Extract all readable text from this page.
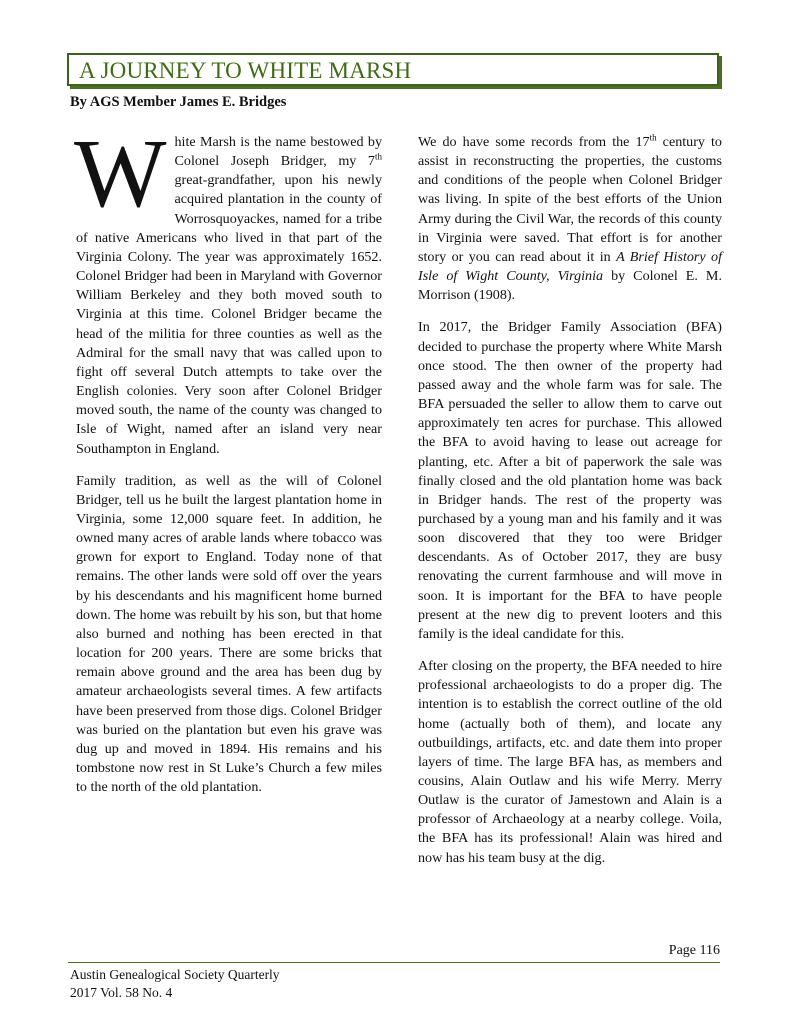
A JOURNEY TO WHITE MARSH
By AGS Member James E. Bridges

White Marsh is the name bestowed by Colonel Joseph Bridger, my 7th great-grandfather, upon his newly acquired plantation in the county of Worrosquoyackes, named for a tribe of native Americans who lived in that part of the Virginia Colony. The year was approximately 1652. Colonel Bridger had been in Maryland with Governor William Berkeley and they both moved south to Virginia at this time. Colonel Bridger became the head of the militia for three counties as well as the Admiral for the small navy that was called upon to fight off several Dutch attempts to take over the English colonies. Very soon after Colonel Bridger moved south, the name of the county was changed to Isle of Wight, named after an island very near Southampton in England.

Family tradition, as well as the will of Colonel Bridger, tell us he built the largest plantation home in Virginia, some 12,000 square feet. In addition, he owned many acres of arable lands where tobacco was grown for export to England. Today none of that remains. The other lands were sold off over the years by his descendants and his magnificent home burned down. The home was rebuilt by his son, but that home also burned and nothing has been erected in that location for 200 years. There are some bricks that remain above ground and the area has been dug by amateur archaeologists several times. A few artifacts have been preserved from those digs. Colonel Bridger was buried on the plantation but even his grave was dug up and moved in 1894. His remains and his tombstone now rest in St Luke’s Church a few miles to the north of the old plantation.

We do have some records from the 17th century to assist in reconstructing the properties, the customs and conditions of the people when Colonel Bridger was living. In spite of the best efforts of the Union Army during the Civil War, the records of this county in Virginia were saved. That effort is for another story or you can read about it in A Brief History of Isle of Wight County, Virginia by Colonel E. M. Morrison (1908).

In 2017, the Bridger Family Association (BFA) decided to purchase the property where White Marsh once stood. The then owner of the property had passed away and the whole farm was for sale. The BFA persuaded the seller to allow them to carve out approximately ten acres for purchase. This allowed the BFA to avoid having to lease out acreage for planting, etc. After a bit of paperwork the sale was finally closed and the old plantation home was back in Bridger hands. The rest of the property was purchased by a young man and his family and it was soon discovered that they too were Bridger descendants. As of October 2017, they are busy renovating the current farmhouse and will move in soon. It is important for the BFA to have people present at the new dig to prevent looters and this family is the ideal candidate for this.

After closing on the property, the BFA needed to hire professional archaeologists to do a proper dig. The intention is to establish the correct outline of the old home (actually both of them), and locate any outbuildings, artifacts, etc. and date them into proper layers of time. The large BFA has, as members and cousins, Alain Outlaw and his wife Merry. Merry Outlaw is the curator of Jamestown and Alain is a professor of Archaeology at a nearby college. Voila, the BFA has its professional! Alain was hired and now has his team busy at the dig.

Page 116
Austin Genealogical Society Quarterly
2017 Vol. 58 No. 4
